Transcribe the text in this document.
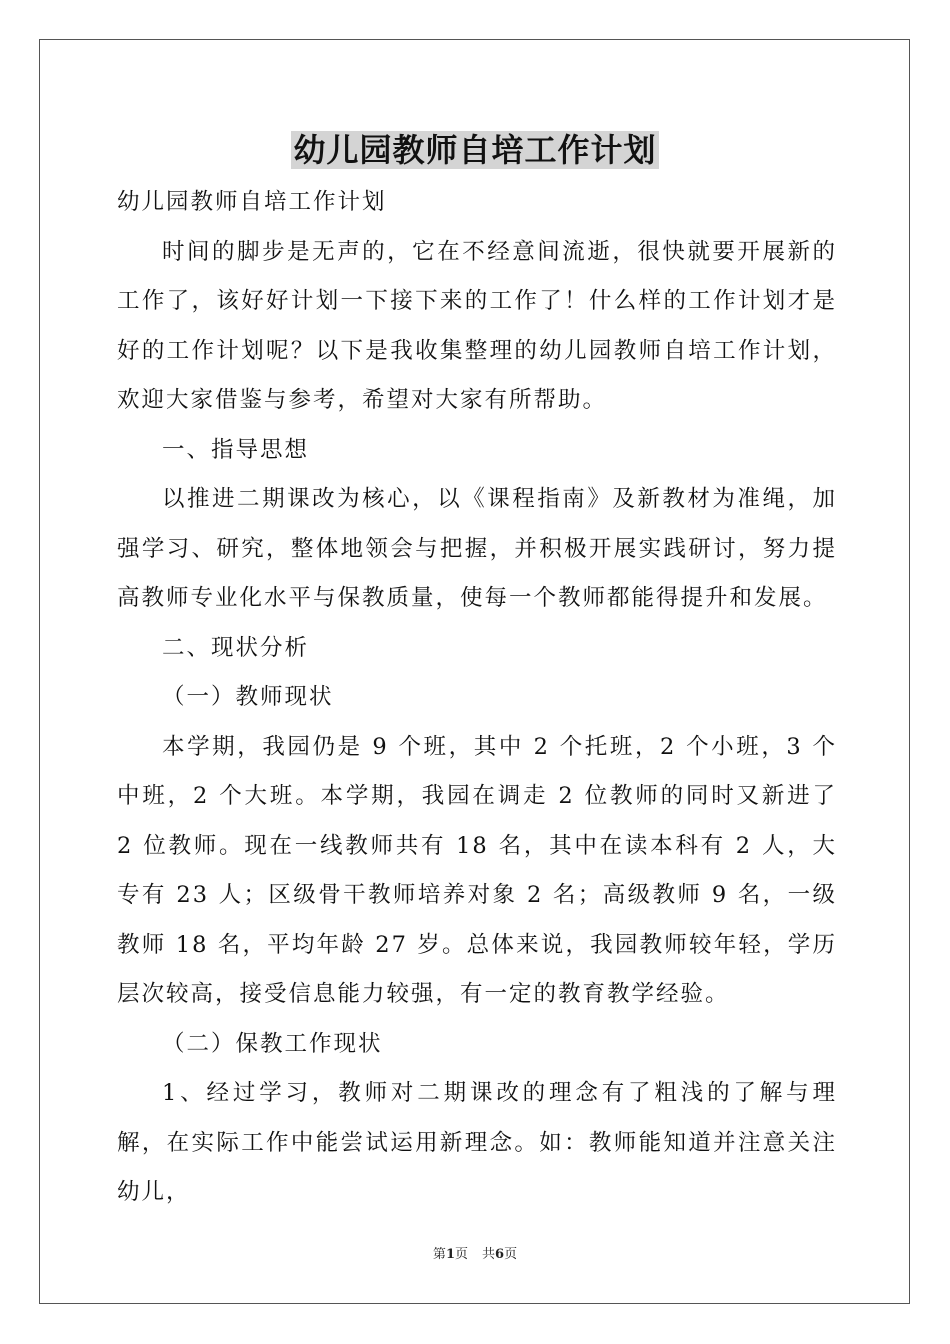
幼儿园教师自培工作计划

幼儿园教师自培工作计划

时间的脚步是无声的，它在不经意间流逝，很快就要开展新的工作了，该好好计划一下接下来的工作了！什么样的工作计划才是好的工作计划呢？以下是我收集整理的幼儿园教师自培工作计划，欢迎大家借鉴与参考，希望对大家有所帮助。

一、指导思想

以推进二期课改为核心，以《课程指南》及新教材为准绳，加强学习、研究，整体地领会与把握，并积极开展实践研讨，努力提高教师专业化水平与保教质量，使每一个教师都能得提升和发展。

二、现状分析

（一）教师现状

本学期，我园仍是 9 个班，其中 2 个托班，2 个小班，3 个中班，2 个大班。本学期，我园在调走 2 位教师的同时又新进了 2 位教师。现在一线教师共有 18 名，其中在读本科有 2 人，大专有 23 人；区级骨干教师培养对象 2 名；高级教师 9 名，一级教师 18 名，平均年龄 27 岁。总体来说，我园教师较年轻，学历层次较高，接受信息能力较强，有一定的教育教学经验。

（二）保教工作现状

1、经过学习，教师对二期课改的理念有了粗浅的了解与理解，在实际工作中能尝试运用新理念。如：教师能知道并注意关注幼儿，

第1页 共6页
